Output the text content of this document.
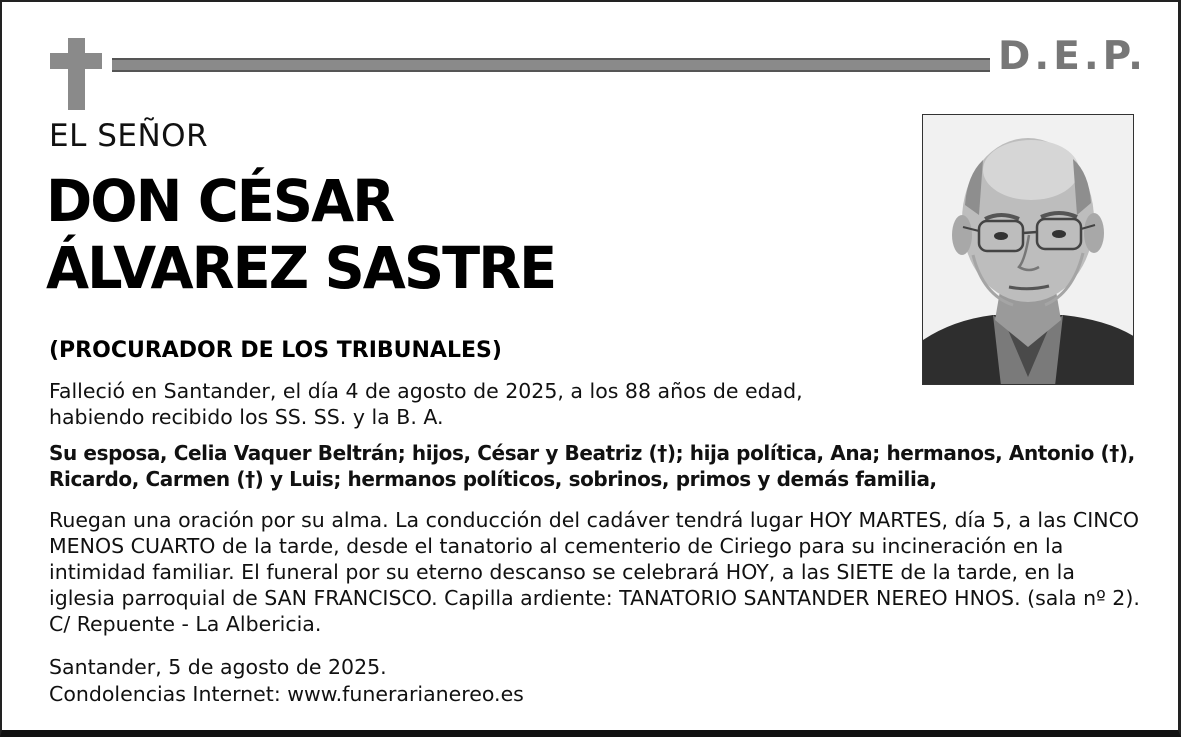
D.E.P.
EL SEÑOR
DON CÉSAR
ÁLVAREZ SASTRE
(PROCURADOR DE LOS TRIBUNALES)
Falleció en Santander, el día 4 de agosto de 2025, a los 88 años de edad, habiendo recibido los SS. SS. y la B. A.
Su esposa, Celia Vaquer Beltrán; hijos, César y Beatriz (†); hija política, Ana; hermanos, Antonio (†), Ricardo, Carmen (†) y Luis; hermanos políticos, sobrinos, primos y demás familia,
Ruegan una oración por su alma. La conducción del cadáver tendrá lugar HOY MARTES, día 5, a las CINCO MENOS CUARTO de la tarde, desde el tanatorio al cementerio de Ciriego para su incineración en la intimidad familiar. El funeral por su eterno descanso se celebrará HOY, a las SIETE de la tarde, en la iglesia parroquial de SAN FRANCISCO. Capilla ardiente: TANATORIO SANTANDER NEREO HNOS. (sala nº 2). C/ Repuente - La Albericia.
Santander, 5 de agosto de 2025.
Condolencias Internet: www.funerarianereo.es
